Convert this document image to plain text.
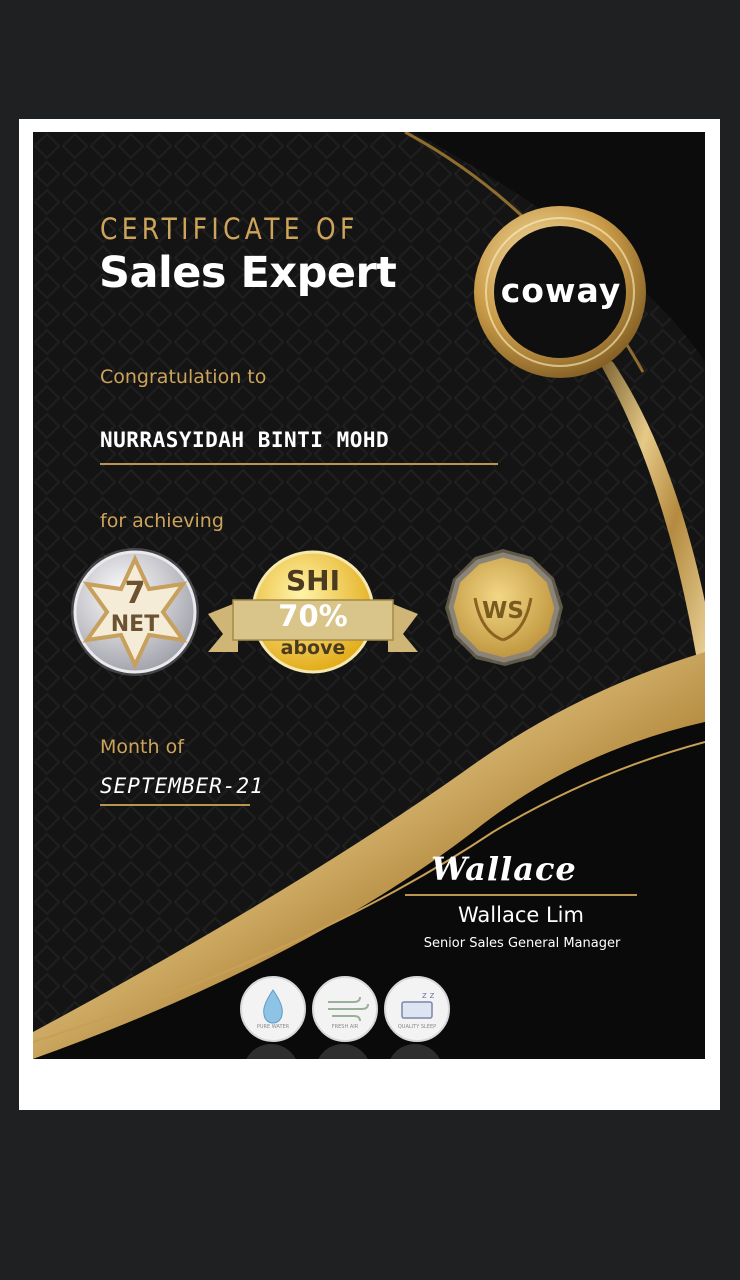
CERTIFICATE OF
Sales Expert	coway
Congratulation to
NURRASYIDAH BINTI MOHD
for achieving
7
NET
SHI
70%
above
WS
Month of
SEPTEMBER-21
Wallace
Wallace Lim
Senior Sales General Manager
PURE WATER	FRESH AIR
z z
QUALITY SLEEP
